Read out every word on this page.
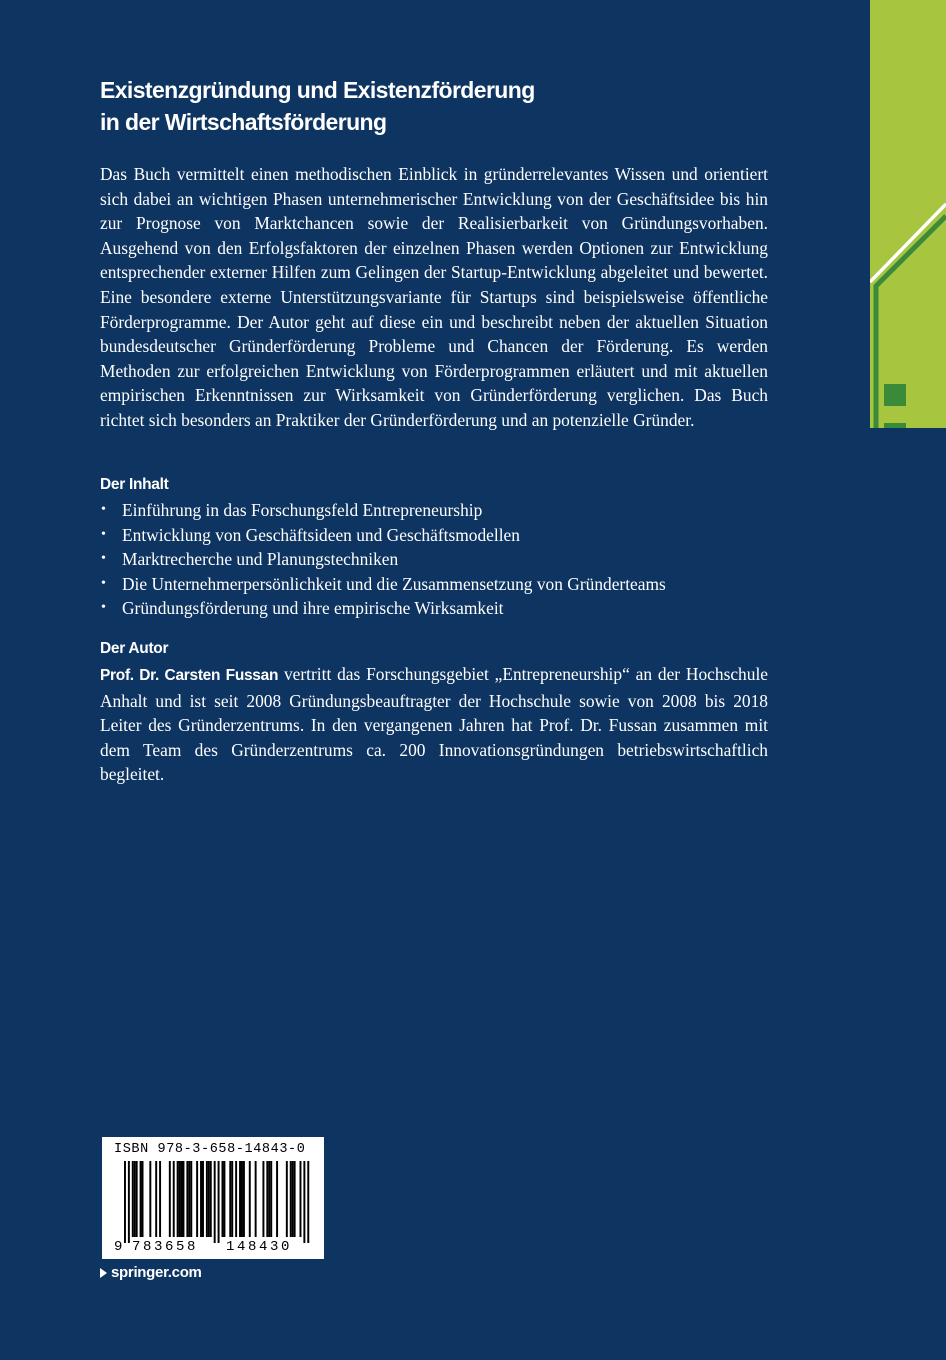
Existenzgründung und Existenzförderung
in der Wirtschaftsförderung

Das Buch vermittelt einen methodischen Einblick in gründerrelevantes Wissen und orientiert sich dabei an wichtigen Phasen unternehmerischer Entwicklung von der Geschäftsidee bis hin zur Prognose von Marktchancen sowie der Realisierbarkeit von Gründungsvorhaben. Ausgehend von den Erfolgsfaktoren der einzelnen Phasen werden Optionen zur Entwicklung entsprechender externer Hilfen zum Gelingen der Startup-Entwicklung abgeleitet und bewertet. Eine besondere externe Unterstützungsvariante für Startups sind beispielsweise öffentliche Förderprogramme. Der Autor geht auf diese ein und beschreibt neben der aktuellen Situation bundesdeutscher Gründerförderung Probleme und Chancen der Förderung. Es werden Methoden zur erfolgreichen Entwicklung von Förderprogrammen erläutert und mit aktuellen empirischen Erkenntnissen zur Wirksamkeit von Gründerförderung verglichen. Das Buch richtet sich besonders an Praktiker der Gründerförderung und an potenzielle Gründer.

Der Inhalt
• Einführung in das Forschungsfeld Entrepreneurship
• Entwicklung von Geschäftsideen und Geschäftsmodellen
• Marktrecherche und Planungstechniken
• Die Unternehmerpersönlichkeit und die Zusammensetzung von Gründerteams
• Gründungsförderung und ihre empirische Wirksamkeit
Der Autor

Prof. Dr. Carsten Fussan vertritt das Forschungsgebiet „Entrepreneurship“ an der Hochschule Anhalt und ist seit 2008 Gründungsbeauftragter der Hochschule sowie von 2008 bis 2018 Leiter des Gründerzentrums. In den vergangenen Jahren hat Prof. Dr. Fussan zusammen mit dem Team des Gründerzentrums ca. 200 Innovationsgründungen betriebswirtschaftlich begleitet.

ISBN 978-3-658-14843-0
9 783658 148430
springer.com
